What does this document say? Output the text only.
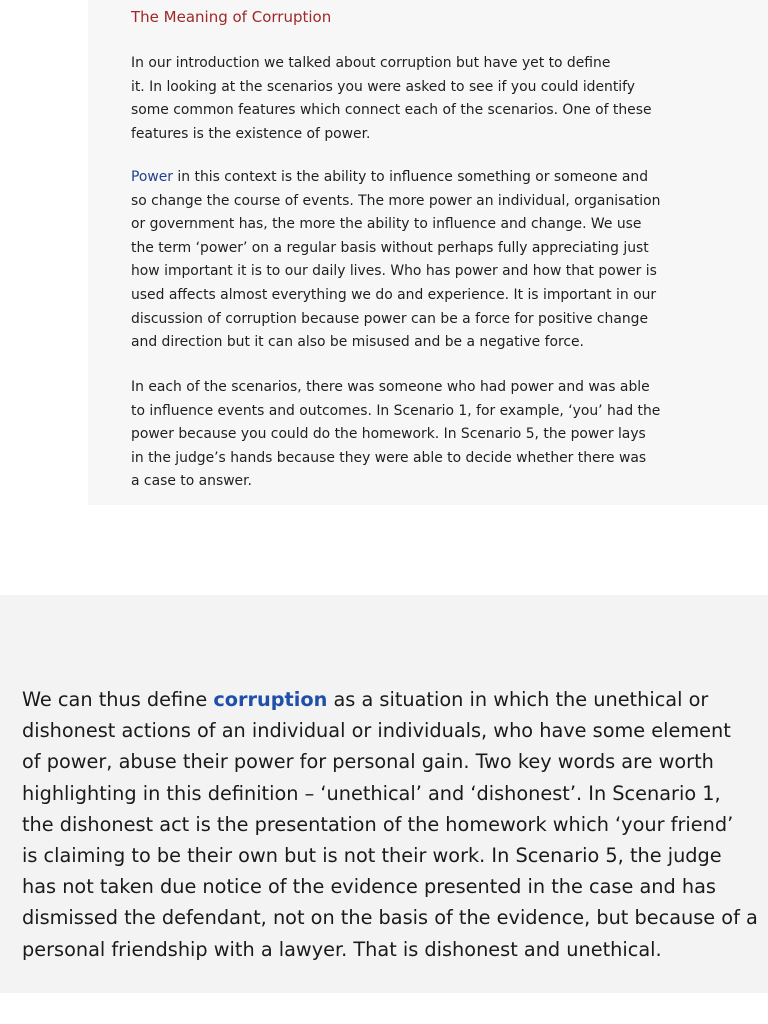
The Meaning of Corruption
In our introduction we talked about corruption but have yet to define
it. In looking at the scenarios you were asked to see if you could identify
some common features which connect each of the scenarios. One of these
features is the existence of power.
Power in this context is the ability to influence something or someone and
so change the course of events. The more power an individual, organisation
or government has, the more the ability to influence and change. We use
the term ‘power’ on a regular basis without perhaps fully appreciating just
how important it is to our daily lives. Who has power and how that power is
used affects almost everything we do and experience. It is important in our
discussion of corruption because power can be a force for positive change
and direction but it can also be misused and be a negative force.
In each of the scenarios, there was someone who had power and was able
to influence events and outcomes. In Scenario 1, for example, ‘you’ had the
power because you could do the homework. In Scenario 5, the power lays
in the judge’s hands because they were able to decide whether there was
a case to answer.
We can thus define corruption as a situation in which the unethical or
dishonest actions of an individual or individuals, who have some element
of power, abuse their power for personal gain. Two key words are worth
highlighting in this definition – ‘unethical’ and ‘dishonest’. In Scenario 1,
the dishonest act is the presentation of the homework which ‘your friend’
is claiming to be their own but is not their work. In Scenario 5, the judge
has not taken due notice of the evidence presented in the case and has
dismissed the defendant, not on the basis of the evidence, but because of a
personal friendship with a lawyer. That is dishonest and unethical.
